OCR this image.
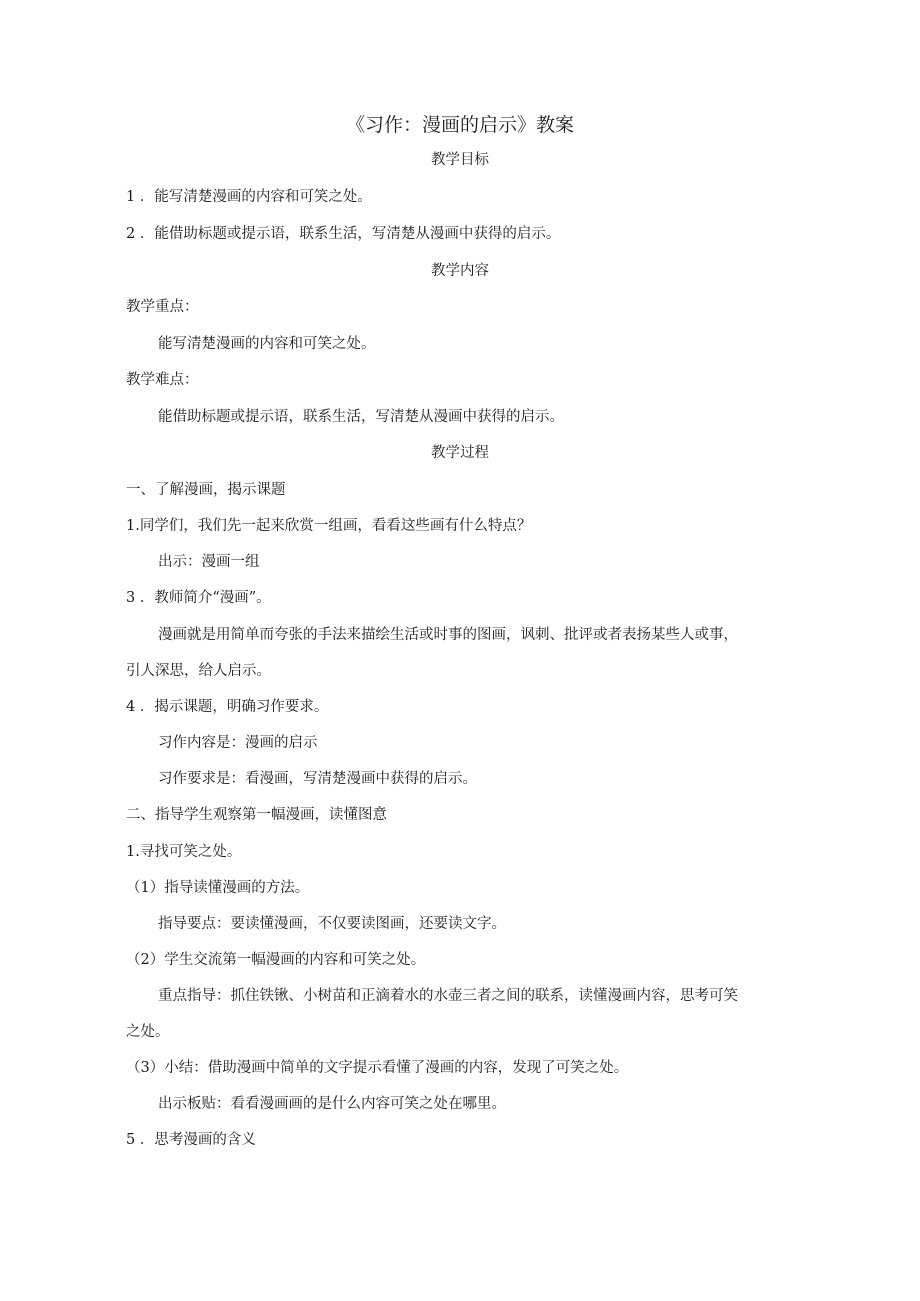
《习作：漫画的启示》教案
教学目标
1 ．能写清楚漫画的内容和可笑之处。
2 ．能借助标题或提示语，联系生活，写清楚从漫画中获得的启示。
教学内容
教学重点：
能写清楚漫画的内容和可笑之处。
教学难点：
能借助标题或提示语，联系生活，写清楚从漫画中获得的启示。
教学过程
一、了解漫画，揭示课题
1.同学们，我们先一起来欣赏一组画，看看这些画有什么特点？
出示：漫画一组
3 ．教师简介“漫画”。
漫画就是用简单而夸张的手法来描绘生活或时事的图画，讽刺、批评或者表扬某些人或事，
引人深思，给人启示。
4 ．揭示课题，明确习作要求。
习作内容是：漫画的启示
习作要求是：看漫画，写清楚漫画中获得的启示。
二、指导学生观察第一幅漫画，读懂图意
1.寻找可笑之处。
（1）指导读懂漫画的方法。
指导要点：要读懂漫画，不仅要读图画，还要读文字。
（2）学生交流第一幅漫画的内容和可笑之处。
重点指导：抓住铁锹、小树苗和正滴着水的水壶三者之间的联系，读懂漫画内容，思考可笑
之处。
（3）小结：借助漫画中简单的文字提示看懂了漫画的内容，发现了可笑之处。
出示板贴：看看漫画画的是什么内容可笑之处在哪里。
5 ．思考漫画的含义
